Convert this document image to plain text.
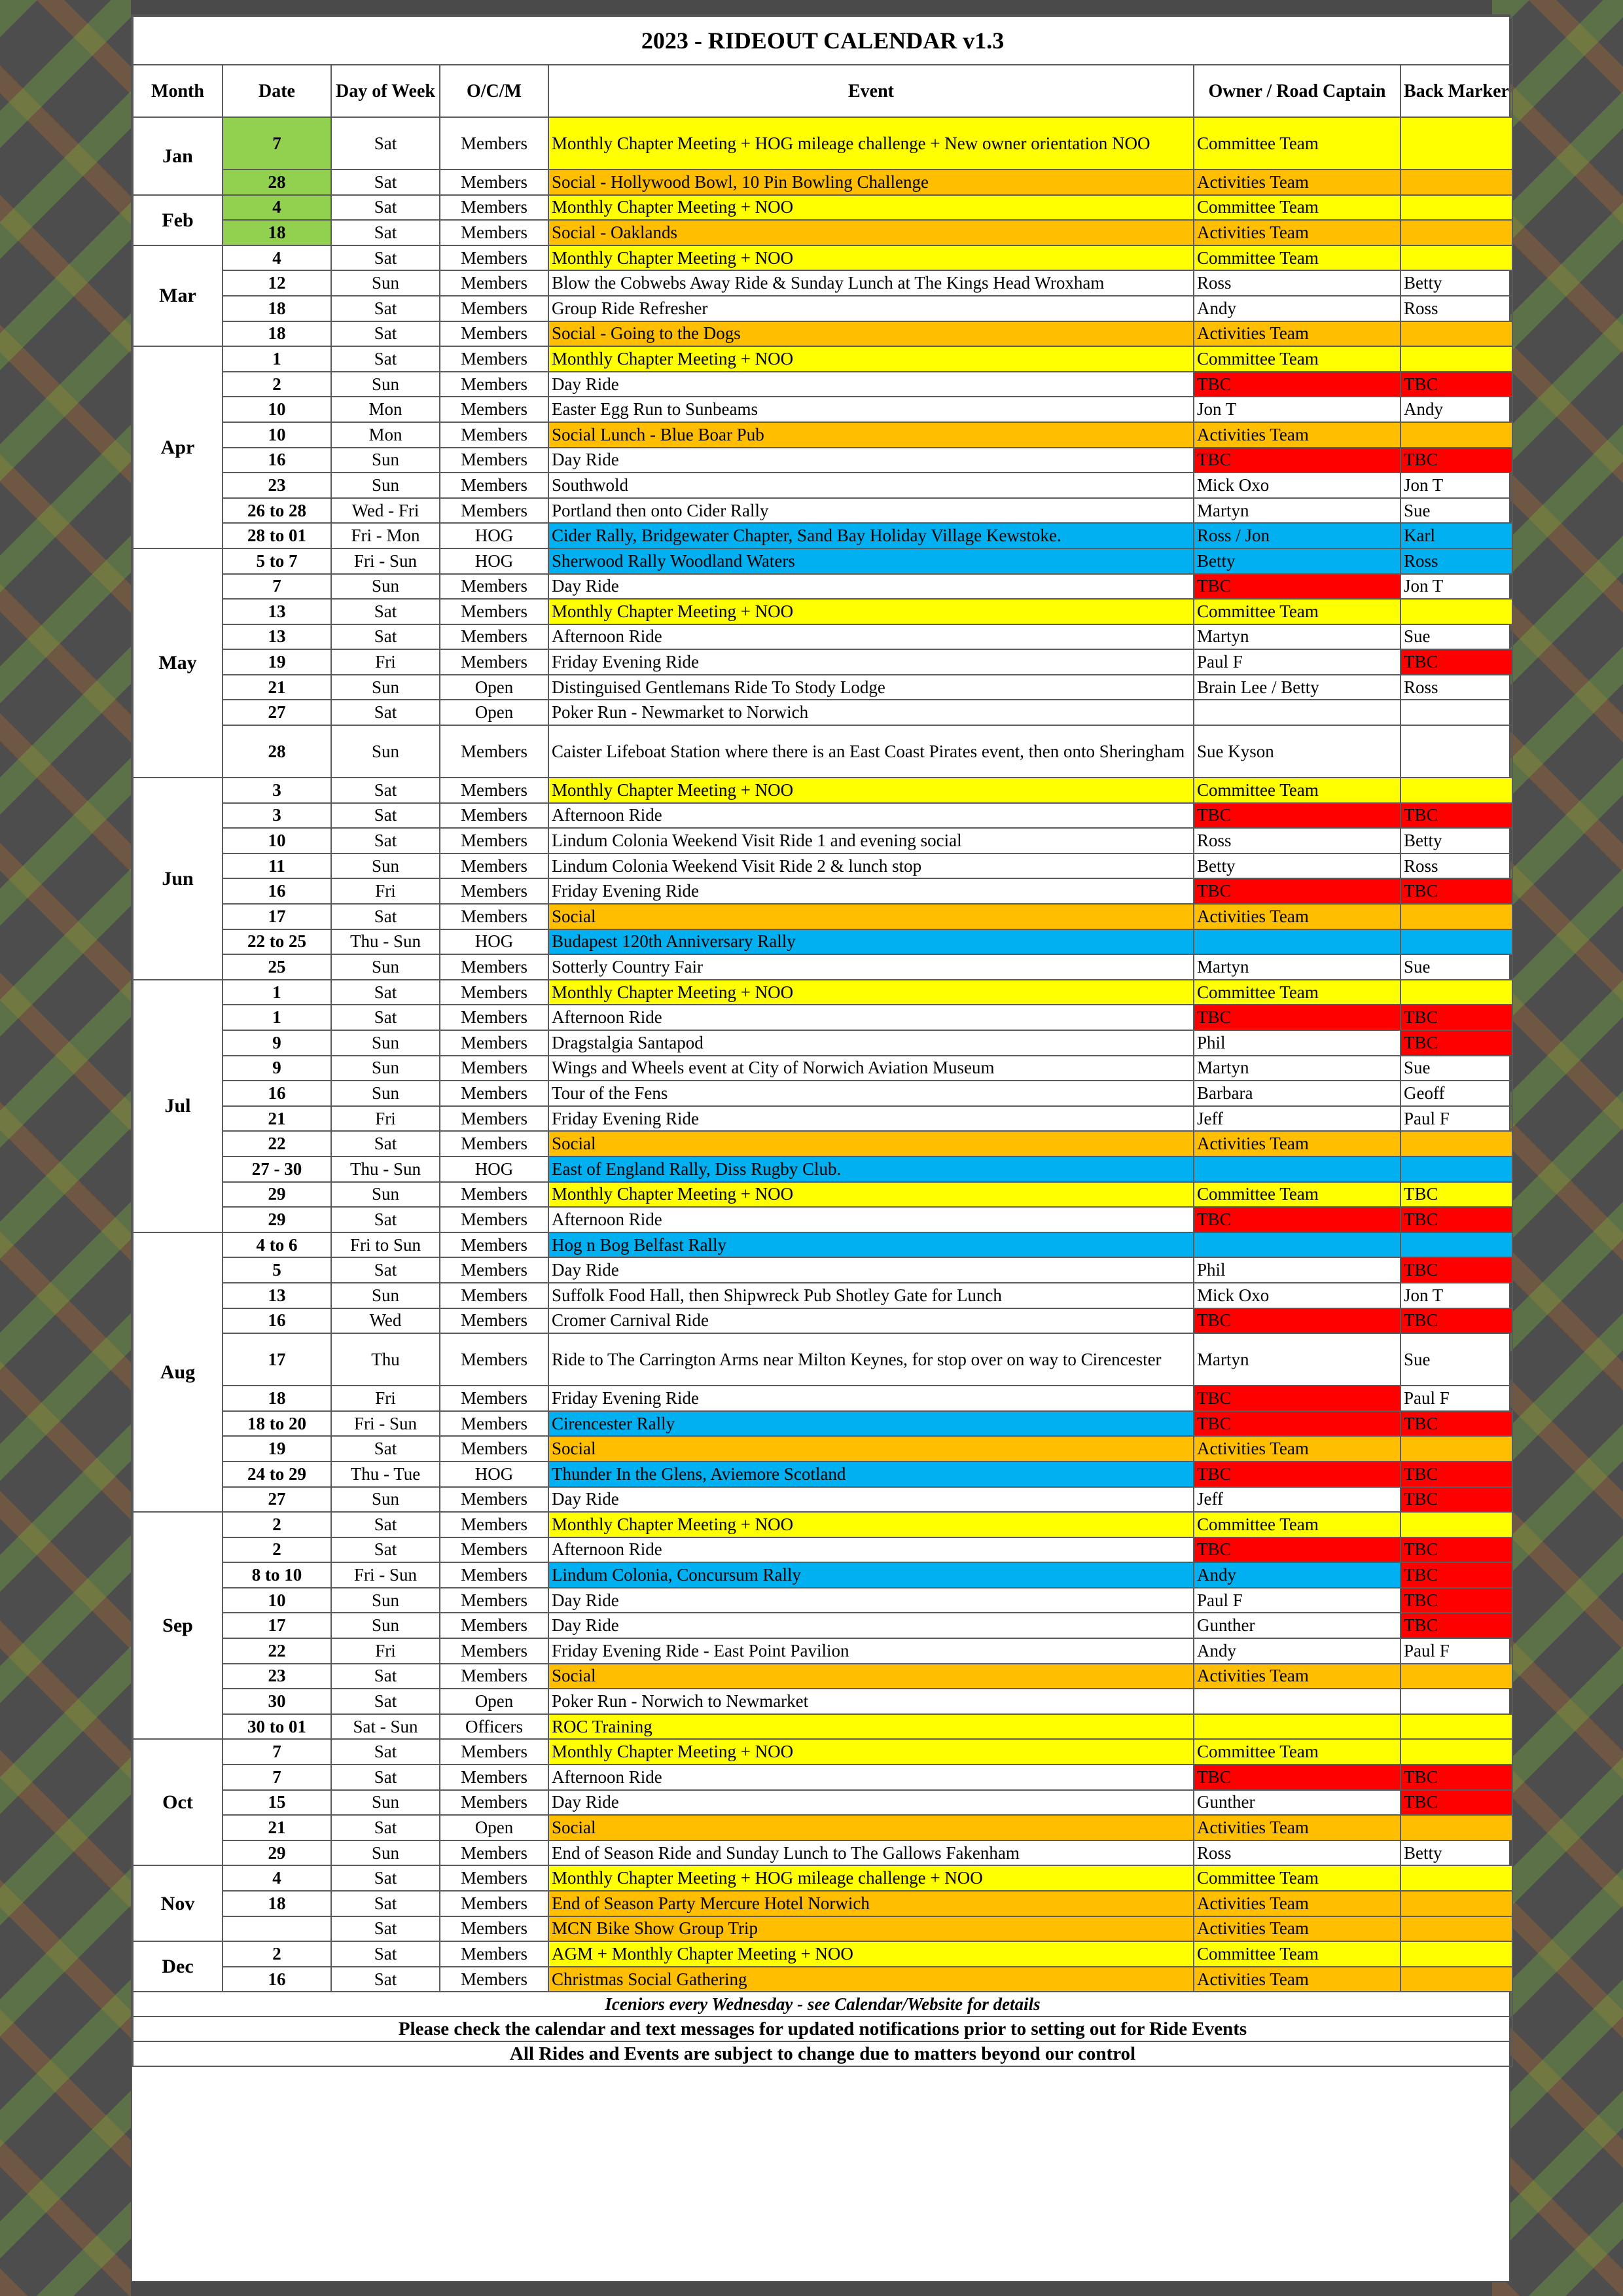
2023 - RIDEOUT CALENDAR v1.3						
Month	Date	Day of Week	O/C/M	Event	Owner / Road Captain	Back Marker
Jan	7	Sat	Members	Monthly Chapter Meeting + HOG mileage challenge + New owner orientation NOO	Committee Team	
	28	Sat	Members	Social - Hollywood Bowl, 10 Pin Bowling Challenge	Activities Team	
Feb	4	Sat	Members	Monthly Chapter Meeting + NOO	Committee Team	
	18	Sat	Members	Social - Oaklands	Activities Team	
Mar	4	Sat	Members	Monthly Chapter Meeting + NOO	Committee Team	
	12	Sun	Members	Blow the Cobwebs Away Ride & Sunday Lunch at The Kings Head Wroxham	Ross	Betty
	18	Sat	Members	Group Ride Refresher	Andy	Ross
	18	Sat	Members	Social - Going to the Dogs	Activities Team	
Apr	1	Sat	Members	Monthly Chapter Meeting + NOO	Committee Team	
	2	Sun	Members	Day Ride	TBC	TBC
	10	Mon	Members	Easter Egg Run to Sunbeams	Jon T	Andy
	10	Mon	Members	Social Lunch - Blue Boar Pub	Activities Team	
	16	Sun	Members	Day Ride	TBC	TBC
	23	Sun	Members	Southwold	Mick Oxo	Jon T
	26 to 28	Wed - Fri	Members	Portland then onto Cider Rally	Martyn	Sue
	28 to 01	Fri - Mon	HOG	Cider Rally, Bridgewater Chapter, Sand Bay Holiday Village Kewstoke.	Ross / Jon	Karl
May	5 to 7	Fri - Sun	HOG	Sherwood Rally Woodland Waters	Betty	Ross
	7	Sun	Members	Day Ride	TBC	Jon T
	13	Sat	Members	Monthly Chapter Meeting + NOO	Committee Team	
	13	Sat	Members	Afternoon Ride	Martyn	Sue
	19	Fri	Members	Friday Evening Ride	Paul F	TBC
	21	Sun	Open	Distinguised Gentlemans Ride To Stody Lodge	Brain Lee / Betty	Ross
	27	Sat	Open	Poker Run - Newmarket to Norwich		
	28	Sun	Members	Caister Lifeboat Station where there is an East Coast Pirates event, then onto Sheringham	Sue Kyson	
Jun	3	Sat	Members	Monthly Chapter Meeting + NOO	Committee Team	
	3	Sat	Members	Afternoon Ride	TBC	TBC
	10	Sat	Members	Lindum Colonia Weekend Visit Ride 1 and evening social	Ross	Betty
	11	Sun	Members	Lindum Colonia Weekend Visit Ride 2 & lunch stop	Betty	Ross
	16	Fri	Members	Friday Evening Ride	TBC	TBC
	17	Sat	Members	Social	Activities Team	
	22 to 25	Thu - Sun	HOG	Budapest 120th Anniversary Rally		
	25	Sun	Members	Sotterly Country Fair	Martyn	Sue
Jul	1	Sat	Members	Monthly Chapter Meeting + NOO	Committee Team	
	1	Sat	Members	Afternoon Ride	TBC	TBC
	9	Sun	Members	Dragstalgia Santapod	Phil	TBC
	9	Sun	Members	Wings and Wheels event at City of Norwich Aviation Museum	Martyn	Sue
	16	Sun	Members	Tour of the Fens	Barbara	Geoff
	21	Fri	Members	Friday Evening Ride	Jeff	Paul F
	22	Sat	Members	Social	Activities Team	
	27 - 30	Thu - Sun	HOG	East of England Rally, Diss Rugby Club.		
	29	Sun	Members	Monthly Chapter Meeting + NOO	Committee Team	TBC
	29	Sat	Members	Afternoon Ride	TBC	TBC
Aug	4 to 6	Fri to Sun	Members	Hog n Bog Belfast Rally		
	5	Sat	Members	Day Ride	Phil	TBC
	13	Sun	Members	Suffolk Food Hall, then Shipwreck Pub Shotley Gate for Lunch	Mick Oxo	Jon T
	16	Wed	Members	Cromer Carnival Ride	TBC	TBC
	17	Thu	Members	Ride to The Carrington Arms near Milton Keynes, for stop over on way to Cirencester	Martyn	Sue
	18	Fri	Members	Friday Evening Ride	TBC	Paul F
	18 to 20	Fri - Sun	Members	Cirencester Rally	TBC	TBC
	19	Sat	Members	Social	Activities Team	
	24 to 29	Thu - Tue	HOG	Thunder In the Glens, Aviemore Scotland	TBC	TBC
	27	Sun	Members	Day Ride	Jeff	TBC
Sep	2	Sat	Members	Monthly Chapter Meeting + NOO	Committee Team	
	2	Sat	Members	Afternoon Ride	TBC	TBC
	8 to 10	Fri - Sun	Members	Lindum Colonia, Concursum Rally	Andy	TBC
	10	Sun	Members	Day Ride	Paul F	TBC
	17	Sun	Members	Day Ride	Gunther	TBC
	22	Fri	Members	Friday Evening Ride - East Point Pavilion	Andy	Paul F
	23	Sat	Members	Social	Activities Team	
	30	Sat	Open	Poker Run - Norwich to Newmarket		
	30 to 01	Sat - Sun	Officers	ROC Training		
Oct	7	Sat	Members	Monthly Chapter Meeting + NOO	Committee Team	
	7	Sat	Members	Afternoon Ride	TBC	TBC
	15	Sun	Members	Day Ride	Gunther	TBC
	21	Sat	Open	Social	Activities Team	
	29	Sun	Members	End of Season Ride and Sunday Lunch to The Gallows Fakenham	Ross	Betty
Nov	4	Sat	Members	Monthly Chapter Meeting + HOG mileage challenge + NOO	Committee Team	
	18	Sat	Members	End of Season Party Mercure Hotel Norwich	Activities Team	
		Sat	Members	MCN Bike Show Group Trip	Activities Team	
Dec	2	Sat	Members	AGM + Monthly Chapter Meeting + NOO	Committee Team	
	16	Sat	Members	Christmas Social Gathering	Activities Team	
Iceniors every Wednesday - see Calendar/Website for details						
Please check the calendar and text messages for updated notifications prior to setting out for Ride Events						
All Rides and Events are subject to change due to matters beyond our control						
